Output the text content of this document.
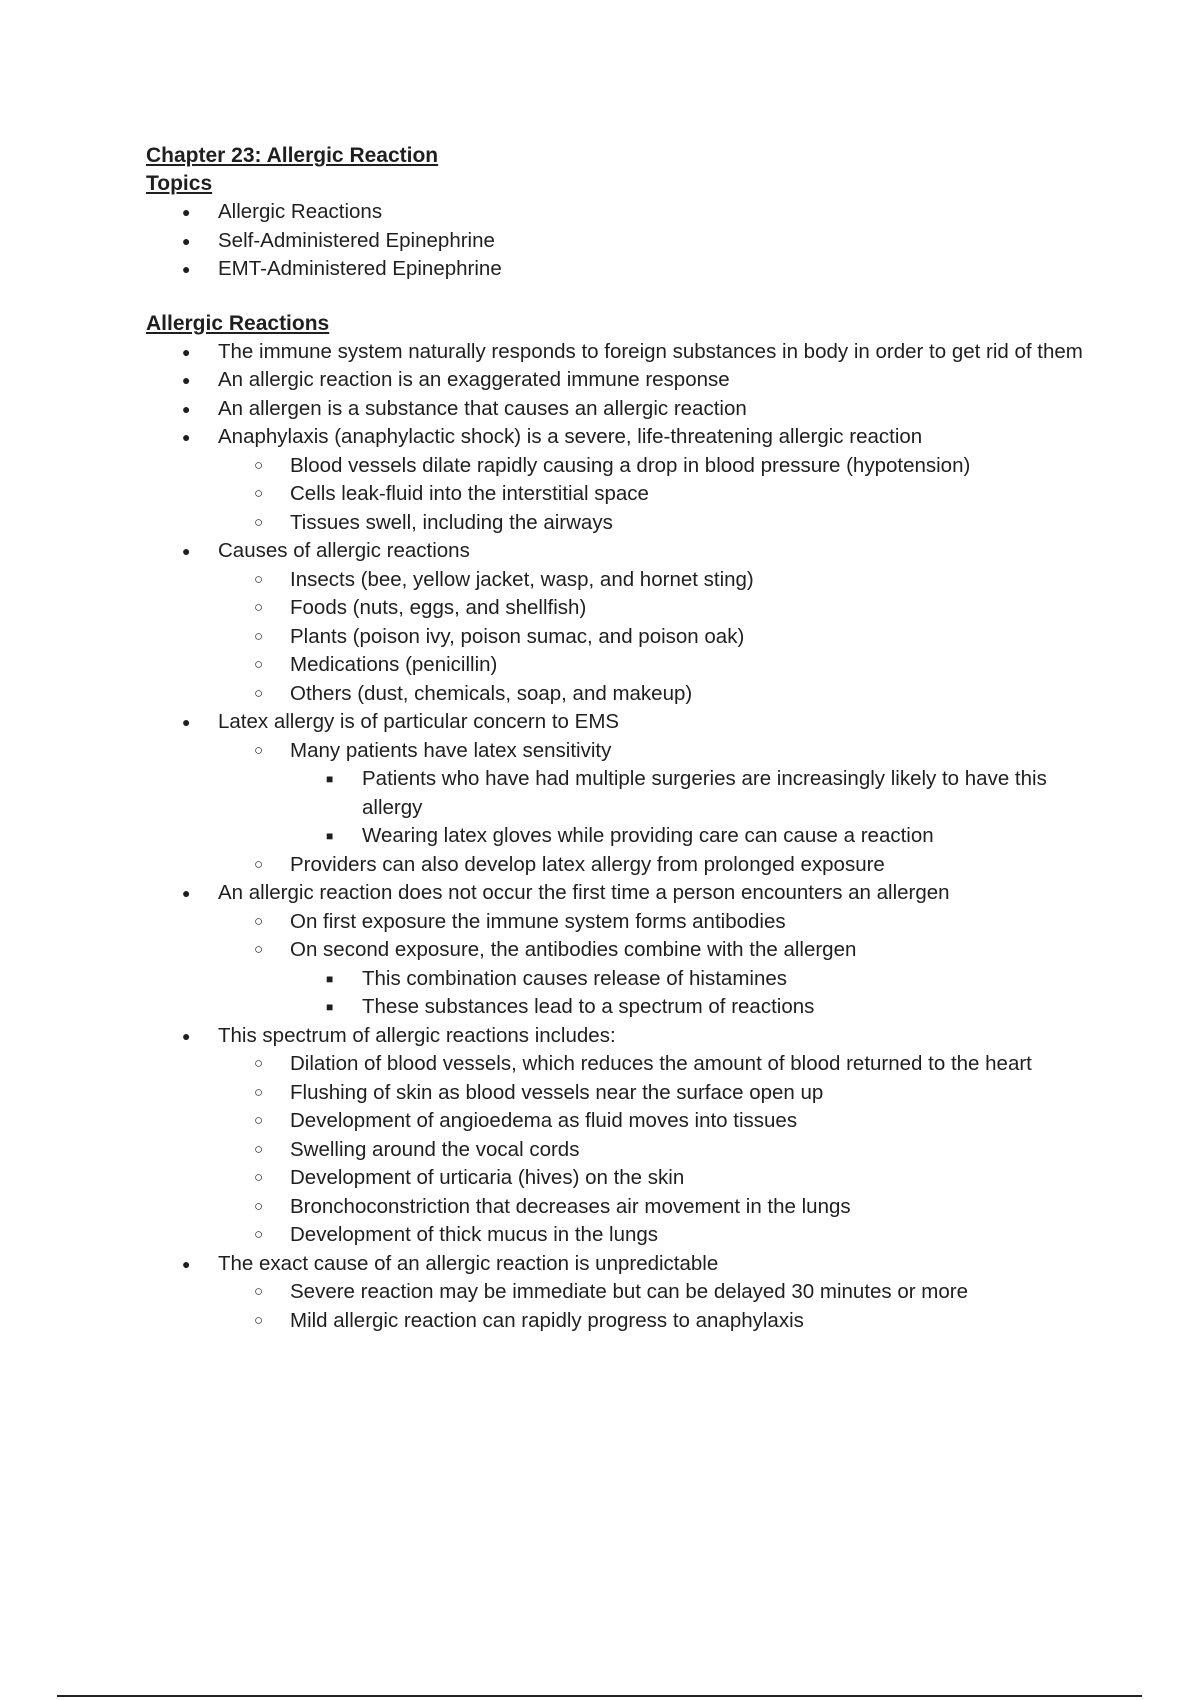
Chapter 23: Allergic Reaction

Topics

● Allergic Reactions
● Self-Administered Epinephrine
● EMT-Administered Epinephrine

Allergic Reactions

● The immune system naturally responds to foreign substances in body in order to get rid of them
● An allergic reaction is an exaggerated immune response
● An allergen is a substance that causes an allergic reaction
● Anaphylaxis (anaphylactic shock) is a severe, life-threatening allergic reaction
○ Blood vessels dilate rapidly causing a drop in blood pressure (hypotension)
○ Cells leak-fluid into the interstitial space
○ Tissues swell, including the airways
● Causes of allergic reactions
○ Insects (bee, yellow jacket, wasp, and hornet sting)
○ Foods (nuts, eggs, and shellfish)
○ Plants (poison ivy, poison sumac, and poison oak)
○ Medications (penicillin)
○ Others (dust, chemicals, soap, and makeup)
● Latex allergy is of particular concern to EMS
○ Many patients have latex sensitivity
■ Patients who have had multiple surgeries are increasingly likely to have this allergy
■ Wearing latex gloves while providing care can cause a reaction
○ Providers can also develop latex allergy from prolonged exposure
● An allergic reaction does not occur the first time a person encounters an allergen
○ On first exposure the immune system forms antibodies
○ On second exposure, the antibodies combine with the allergen
■ This combination causes release of histamines
■ These substances lead to a spectrum of reactions
● This spectrum of allergic reactions includes:
○ Dilation of blood vessels, which reduces the amount of blood returned to the heart
○ Flushing of skin as blood vessels near the surface open up
○ Development of angioedema as fluid moves into tissues
○ Swelling around the vocal cords
○ Development of urticaria (hives) on the skin
○ Bronchoconstriction that decreases air movement in the lungs
○ Development of thick mucus in the lungs
● The exact cause of an allergic reaction is unpredictable
○ Severe reaction may be immediate but can be delayed 30 minutes or more
○ Mild allergic reaction can rapidly progress to anaphylaxis
